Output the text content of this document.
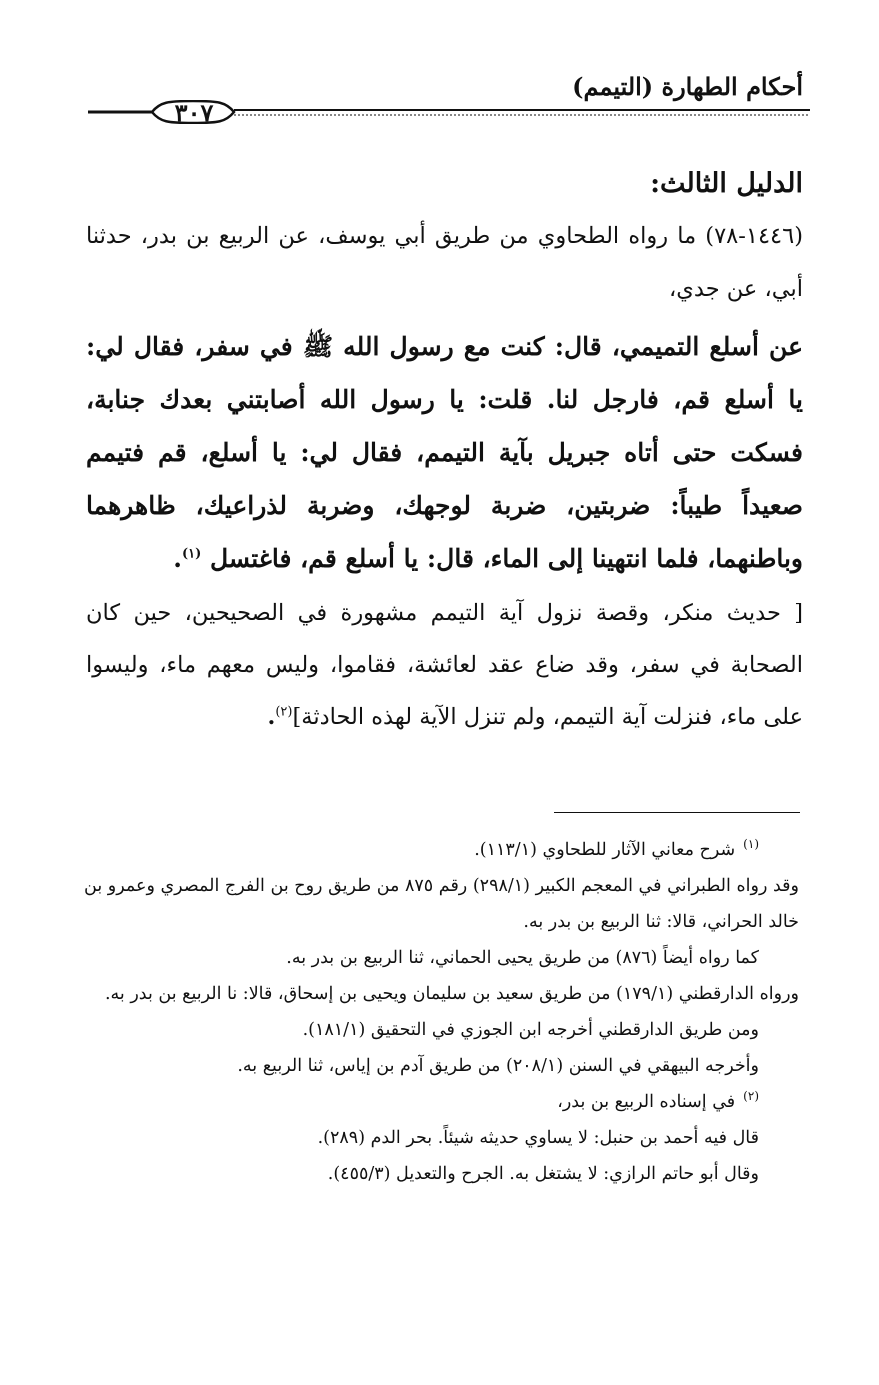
أحكام الطهارة (التيمم)
٣٠٧

الدليل الثالث:

(١٤٤٦-٧٨) ما رواه الطحاوي من طريق أبي يوسف، عن الربيع بن بدر، حدثنا أبي، عن جدي،

عن أسلع التميمي، قال: كنت مع رسول الله ﷺ في سفر، فقال لي: يا أسلع قم، فارجل لنا. قلت: يا رسول الله أصابتني بعدك جنابة، فسكت حتى أتاه جبريل بآية التيمم، فقال لي: يا أسلع، قم فتيمم صعيداً طيباً: ضربتين، ضربة لوجهك، وضربة لذراعيك، ظاهرهما وباطنهما، فلما انتهينا إلى الماء، قال: يا أسلع قم، فاغتسل $^{(١)}$.

[ حديث منكر، وقصة نزول آية التيمم مشهورة في الصحيحين، حين كان الصحابة في سفر، وقد ضاع عقد لعائشة، فقاموا، وليس معهم ماء، وليسوا على ماء، فنزلت آية التيمم، ولم تنزل الآية لهذه الحادثة]$^{(٢)}$.

$^{(١)}$شرح معاني الآثار للطحاوي (١١٣/١).

وقد رواه الطبراني في المعجم الكبير (٢٩٨/١) رقم ٨٧٥ من طريق روح بن الفرج المصري وعمرو بن خالد الحراني، قالا: ثنا الربيع بن بدر به.

كما رواه أيضاً (٨٧٦) من طريق يحيى الحماني، ثنا الربيع بن بدر به.

ورواه الدارقطني (١٧٩/١) من طريق سعيد بن سليمان ويحيى بن إسحاق، قالا: نا الربيع بن بدر به.

ومن طريق الدارقطني أخرجه ابن الجوزي في التحقيق (١٨١/١).

وأخرجه البيهقي في السنن (٢٠٨/١) من طريق آدم بن إياس، ثنا الربيع به.

$^{(٢)}$في إسناده الربيع بن بدر،

قال فيه أحمد بن حنبل: لا يساوي حديثه شيئاً. بحر الدم (٢٨٩).

وقال أبو حاتم الرازي: لا يشتغل به. الجرح والتعديل (٤٥٥/٣).
